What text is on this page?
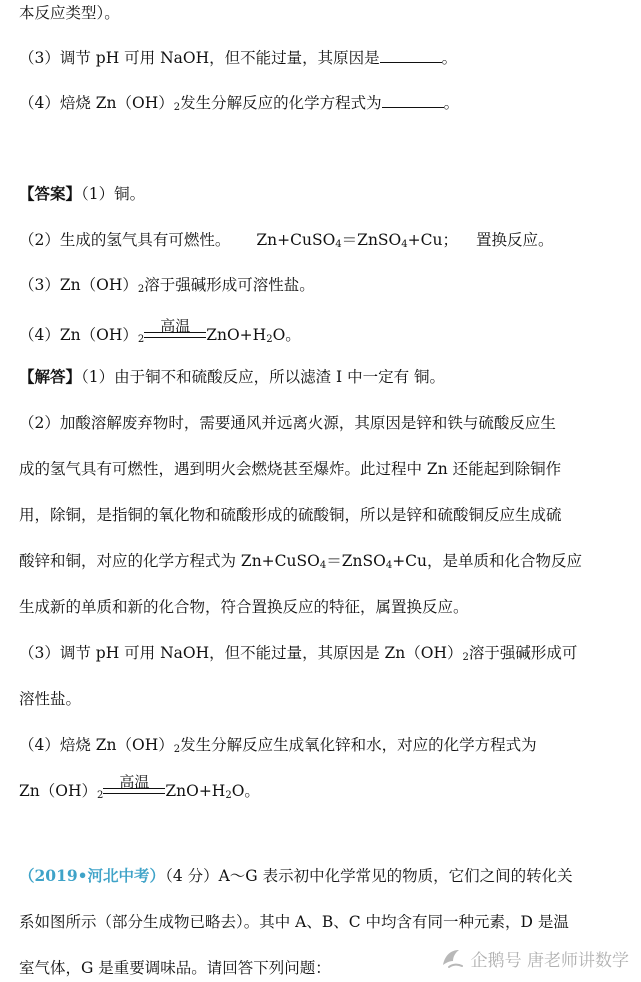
本反应类型）。
（3）调节 pH 可用 NaOH，但不能过量，其原因是	。
（4）焙烧 $Zn(OH)_2$发生分解反应的化学方程式为	。
【答案】（1）铜。
（2）生成的氢气具有可燃性。 Zn+CuSO$_4$＝ZnSO$_4$+Cu； 置换反应。
$(3)Zn(OH)_2$溶于强碱形成可溶性盐。
$(4)Zn(OH)_2$
高温	$ZnO+H_2O$。
【解答】（1）由于铜不和硫酸反应，所以滤渣 I 中一定有 铜。
（2）加酸溶解废弃物时，需要通风并远离火源，其原因是锌和铁与硫酸反应生
成的氢气具有可燃性，遇到明火会燃烧甚至爆炸。此过程中 Zn 还能起到除铜作
用，除铜，是指铜的氧化物和硫酸形成的硫酸铜，所以是锌和硫酸铜反应生成硫
酸锌和铜，对应的化学方程式为 Zn+CuSO$_4$＝ZnSO$_4$+Cu，是单质和化合物反应
生成新的单质和新的化合物，符合置换反应的特征，属置换反应。
（3）调节 pH 可用 NaOH，但不能过量，其原因是 $Zn(OH)_2$溶于强碱形成可
溶性盐。
（4）焙烧 $Zn(OH)_2$发生分解反应生成氧化锌和水，对应的化学方程式为
$Zn(OH)_2$
高温	$ZnO+H_2O$。
（2019•河北中考）（4 分）A～G 表示初中化学常见的物质，它们之间的转化关
系如图所示（部分生成物已略去）。其中 A、B、C 中均含有同一种元素，D 是温
室气体，G 是重要调味品。请回答下列问题：	企鹅号 唐老师讲数学
